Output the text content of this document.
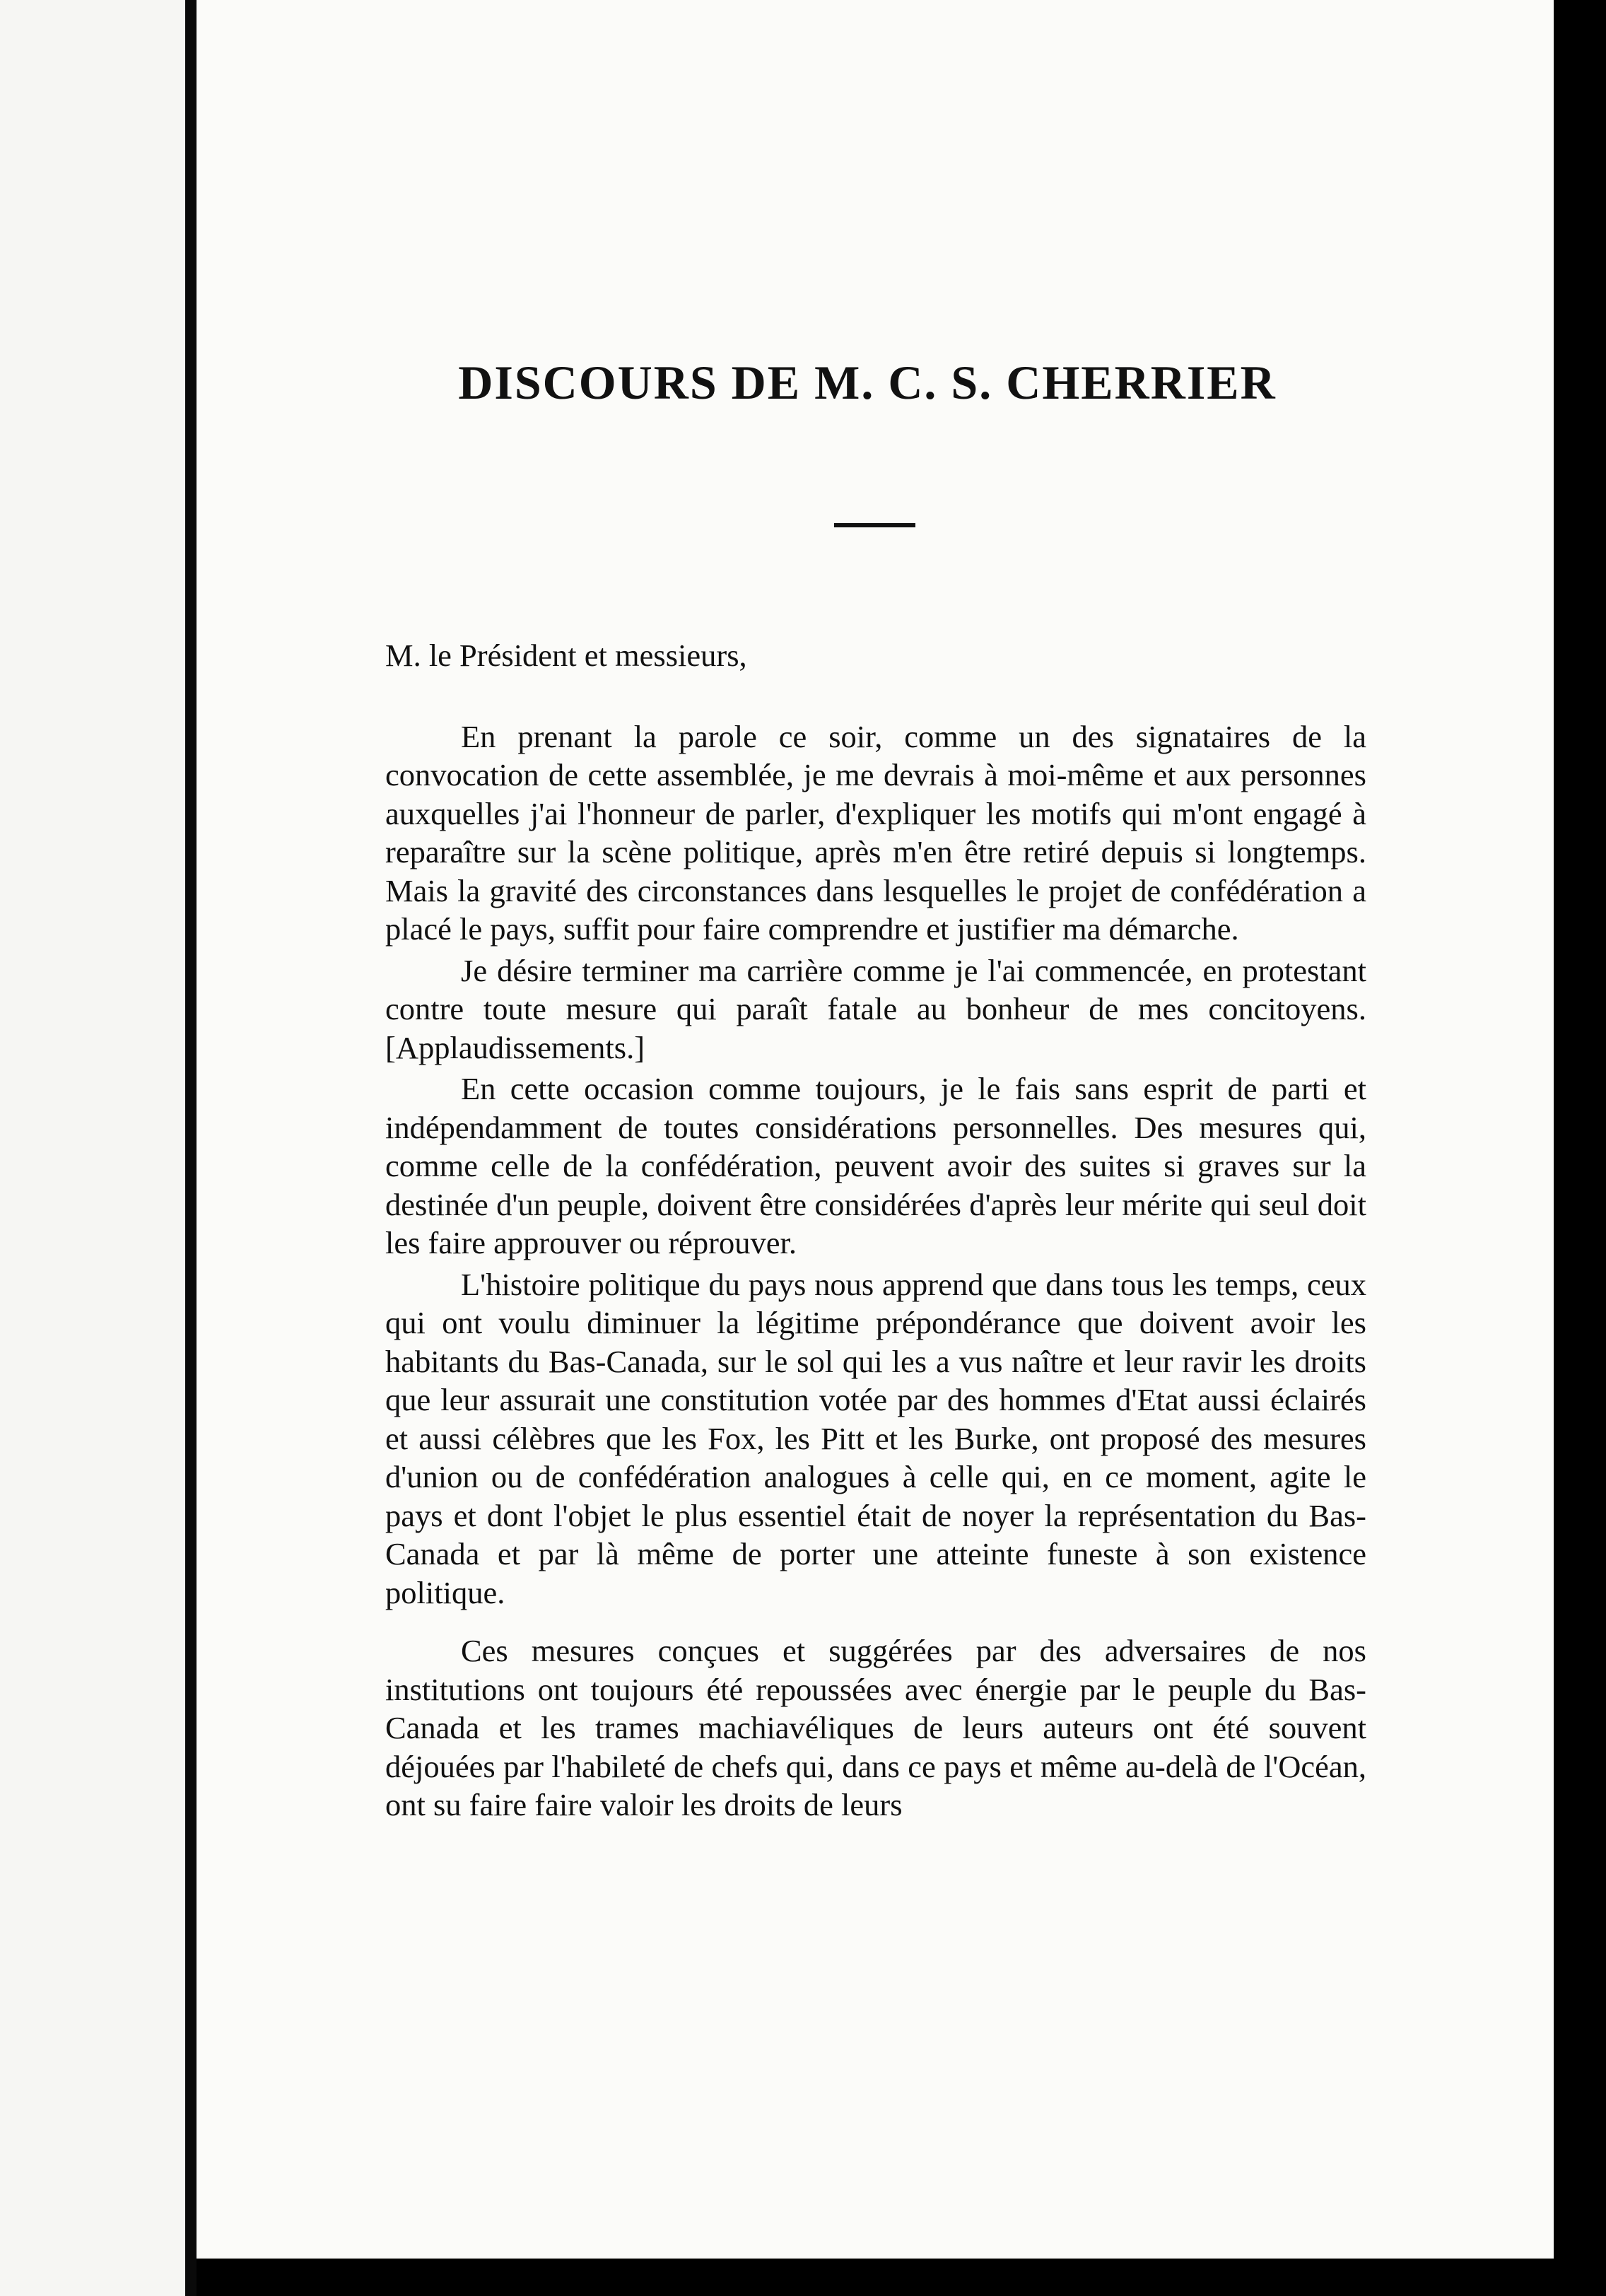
DISCOURS DE M. C. S. CHERRIER

M. le Président et messieurs,

En prenant la parole ce soir, comme un des signataires de la convocation de cette assemblée, je me devrais à moi-même et aux personnes auxquelles j'ai l'honneur de parler, d'expliquer les motifs qui m'ont engagé à reparaître sur la scène politique, après m'en être retiré depuis si longtemps. Mais la gravité des circonstances dans lesquelles le projet de confédération a placé le pays, suffit pour faire comprendre et justifier ma démarche.

Je désire terminer ma carrière comme je l'ai commencée, en protestant contre toute mesure qui paraît fatale au bonheur de mes concitoyens. [Applaudissements.]

En cette occasion comme toujours, je le fais sans esprit de parti et indépendamment de toutes considérations personnelles. Des mesures qui, comme celle de la confédération, peuvent avoir des suites si graves sur la destinée d'un peuple, doivent être considérées d'après leur mérite qui seul doit les faire approuver ou réprouver.

L'histoire politique du pays nous apprend que dans tous les temps, ceux qui ont voulu diminuer la légitime prépondérance que doivent avoir les habitants du Bas-Canada, sur le sol qui les a vus naître et leur ravir les droits que leur assurait une constitution votée par des hommes d'Etat aussi éclairés et aussi célèbres que les Fox, les Pitt et les Burke, ont proposé des mesures d'union ou de confédération analogues à celle qui, en ce moment, agite le pays et dont l'objet le plus essentiel était de noyer la représentation du Bas-Canada et par là même de porter une atteinte funeste à son existence politique.

Ces mesures conçues et suggérées par des adversaires de nos institutions ont toujours été repoussées avec énergie par le peuple du Bas-Canada et les trames machiavéliques de leurs auteurs ont été souvent déjouées par l'habileté de chefs qui, dans ce pays et même au-delà de l'Océan, ont su faire faire valoir les droits de leurs
